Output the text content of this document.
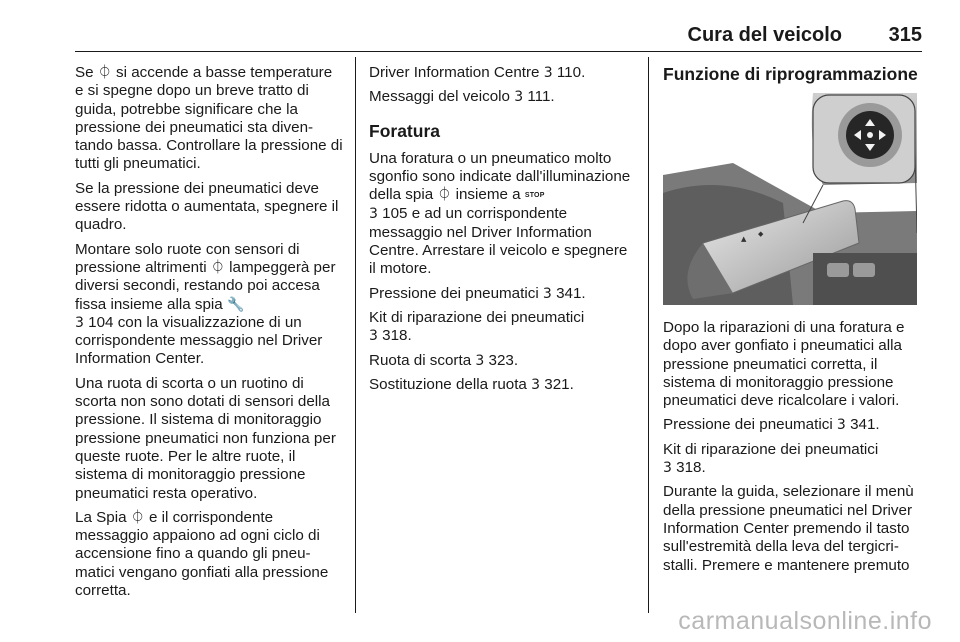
Cura del veicolo 315

Se ⏀ si accende a basse temperature e si spegne dopo un breve tratto di guida, potrebbe significare che la pressione dei pneumatici sta diventando bassa. Controllare la pressione di tutti gli pneumatici.

Se la pressione dei pneumatici deve essere ridotta o aumentata, spegnere il quadro.

Montare solo ruote con sensori di pressione altrimenti ⏀ lampeggerà per diversi secondi, restando poi accesa fissa insieme alla spia 🔧
3 104 con la visualizzazione di un corrispondente messaggio nel Driver Information Center.

Una ruota di scorta o un ruotino di scorta non sono dotati di sensori della pressione. Il sistema di monitoraggio pressione pneumatici non funziona per queste ruote. Per le altre ruote, il sistema di monitoraggio pressione pneumatici resta operativo.

La Spia ⏀ e il corrispondente messaggio appaiono ad ogni ciclo di accensione fino a quando gli pneumatici vengano gonfiati alla pressione corretta.

Driver Information Centre 3 110.

Messaggi del veicolo 3 111.

Foratura

Una foratura o un pneumatico molto sgonfio sono indicate dall'illuminazione della spia ⏀ insieme a STOP
3 105 e ad un corrispondente messaggio nel Driver Information Centre. Arrestare il veicolo e spegnere il motore.

Pressione dei pneumatici 3 341.

Kit di riparazione dei pneumatici
3 318.

Ruota di scorta 3 323.

Sostituzione della ruota 3 321.

Funzione di riprogrammazione
▲
◆

Dopo la riparazioni di una foratura e dopo aver gonfiato i pneumatici alla pressione pneumatici corretta, il sistema di monitoraggio pressione pneumatici deve ricalcolare i valori.

Pressione dei pneumatici 3 341.

Kit di riparazione dei pneumatici
3 318.

Durante la guida, selezionare il menù della pressione pneumatici nel Driver Information Center premendo il tasto sull'estremità della leva del tergicristalli. Premere e mantenere premuto

carmanualsonline.info
